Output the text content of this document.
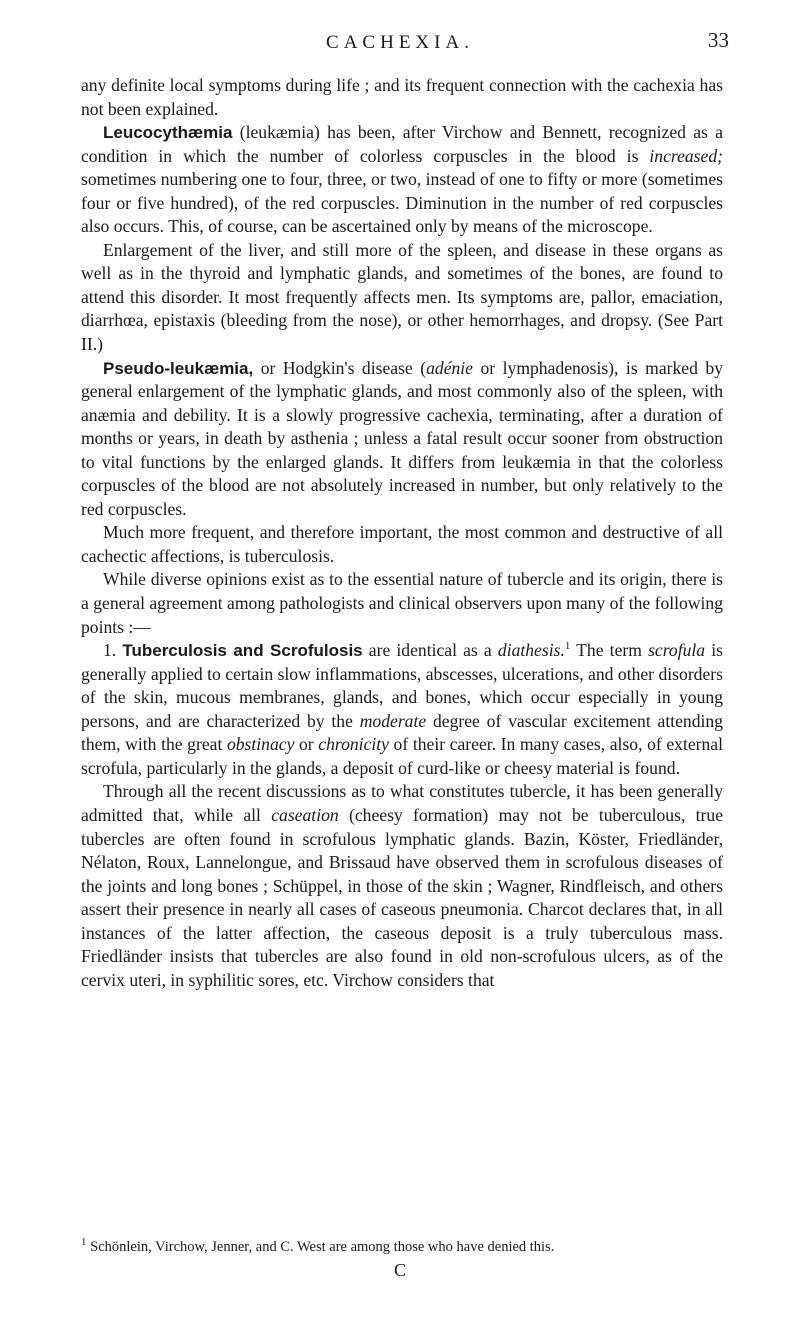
CACHEXIA.	33

any definite local symptoms during life ; and its frequent connection with the cachexia has not been explained.

Leucocythæmia (leukæmia) has been, after Virchow and Bennett, recognized as a condition in which the number of colorless corpuscles in the blood is increased; sometimes numbering one to four, three, or two, instead of one to fifty or more (sometimes four or five hundred), of the red corpuscles. Diminution in the number of red corpuscles also occurs. This, of course, can be ascertained only by means of the microscope.

Enlargement of the liver, and still more of the spleen, and disease in these organs as well as in the thyroid and lymphatic glands, and sometimes of the bones, are found to attend this disorder. It most frequently affects men. Its symptoms are, pallor, emaciation, diarrhœa, epistaxis (bleeding from the nose), or other hemorrhages, and dropsy. (See Part II.)

Pseudo-leukæmia, or Hodgkin's disease (adénie or lymphadenosis), is marked by general enlargement of the lymphatic glands, and most commonly also of the spleen, with anæmia and debility. It is a slowly progressive cachexia, terminating, after a duration of months or years, in death by asthenia ; unless a fatal result occur sooner from obstruction to vital functions by the enlarged glands. It differs from leukæmia in that the colorless corpuscles of the blood are not absolutely increased in number, but only relatively to the red corpuscles.

Much more frequent, and therefore important, the most common and destructive of all cachectic affections, is tuberculosis.

While diverse opinions exist as to the essential nature of tubercle and its origin, there is a general agreement among pathologists and clinical observers upon many of the following points :—

1. Tuberculosis and Scrofulosis are identical as a diathesis.$^1$ The term scrofula is generally applied to certain slow inflammations, abscesses, ulcerations, and other disorders of the skin, mucous membranes, glands, and bones, which occur especially in young persons, and are characterized by the moderate degree of vascular excitement attending them, with the great obstinacy or chronicity of their career. In many cases, also, of external scrofula, particularly in the glands, a deposit of curd-like or cheesy material is found.

Through all the recent discussions as to what constitutes tubercle, it has been generally admitted that, while all caseation (cheesy formation) may not be tuberculous, true tubercles are often found in scrofulous lymphatic glands. Bazin, Köster, Friedländer, Nélaton, Roux, Lannelongue, and Brissaud have observed them in scrofulous diseases of the joints and long bones ; Schüppel, in those of the skin ; Wagner, Rindfleisch, and others assert their presence in nearly all cases of caseous pneumonia. Charcot declares that, in all instances of the latter affection, the caseous deposit is a truly tuberculous mass. Friedländer insists that tubercles are also found in old non-scrofulous ulcers, as of the cervix uteri, in syphilitic sores, etc. Virchow considers that

$^1$ Schönlein, Virchow, Jenner, and C. West are among those who have denied this.
C
